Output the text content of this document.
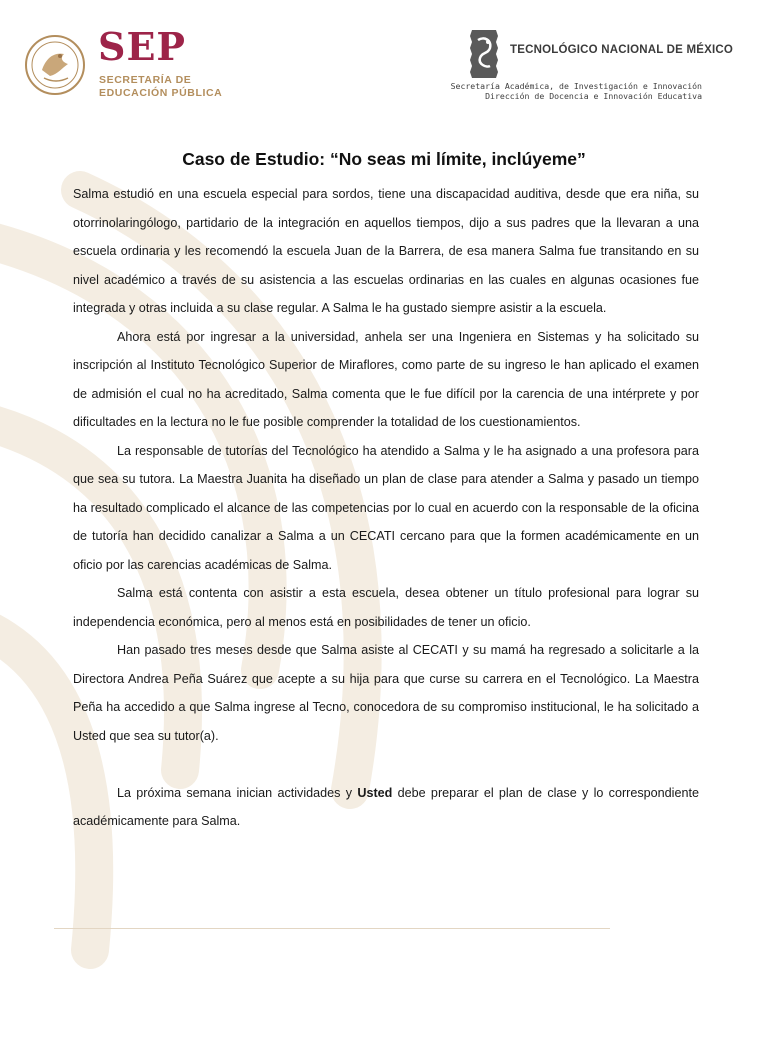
SEP
SECRETARÍA DE
EDUCACIÓN PÚBLICA
TECNOLÓGICO NACIONAL DE MÉXICO
Secretaría Académica, de Investigación e Innovación
Dirección de Docencia e Innovación Educativa
Caso de Estudio: “No seas mi límite, inclúyeme”

Salma estudió en una escuela especial para sordos, tiene una discapacidad auditiva, desde que era niña, su otorrinolaringólogo, partidario de la integración en aquellos tiempos, dijo a sus padres que la llevaran a una escuela ordinaria y les recomendó la escuela Juan de la Barrera, de esa manera Salma fue transitando en su nivel académico a través de su asistencia a las escuelas ordinarias en las cuales en algunas ocasiones fue integrada y otras incluida a su clase regular. A Salma le ha gustado siempre asistir a la escuela.

Ahora está por ingresar a la universidad, anhela ser una Ingeniera en Sistemas y ha solicitado su inscripción al Instituto Tecnológico Superior de Miraflores, como parte de su ingreso le han aplicado el examen de admisión el cual no ha acreditado, Salma comenta que le fue difícil por la carencia de una intérprete y por dificultades en la lectura no le fue posible comprender la totalidad de los cuestionamientos.

La responsable de tutorías del Tecnológico ha atendido a Salma y le ha asignado a una profesora para que sea su tutora. La Maestra Juanita ha diseñado un plan de clase para atender a Salma y pasado un tiempo ha resultado complicado el alcance de las competencias por lo cual en acuerdo con la responsable de la oficina de tutoría han decidido canalizar a Salma a un CECATI cercano para que la formen académicamente en un oficio por las carencias académicas de Salma.

Salma está contenta con asistir a esta escuela, desea obtener un título profesional para lograr su independencia económica, pero al menos está en posibilidades de tener un oficio.

Han pasado tres meses desde que Salma asiste al CECATI y su mamá ha regresado a solicitarle a la Directora Andrea Peña Suárez que acepte a su hija para que curse su carrera en el Tecnológico. La Maestra Peña ha accedido a que Salma ingrese al Tecno, conocedora de su compromiso institucional, le ha solicitado a Usted que sea su tutor(a).

La próxima semana inician actividades y Usted debe preparar el plan de clase y lo correspondiente académicamente para Salma.
